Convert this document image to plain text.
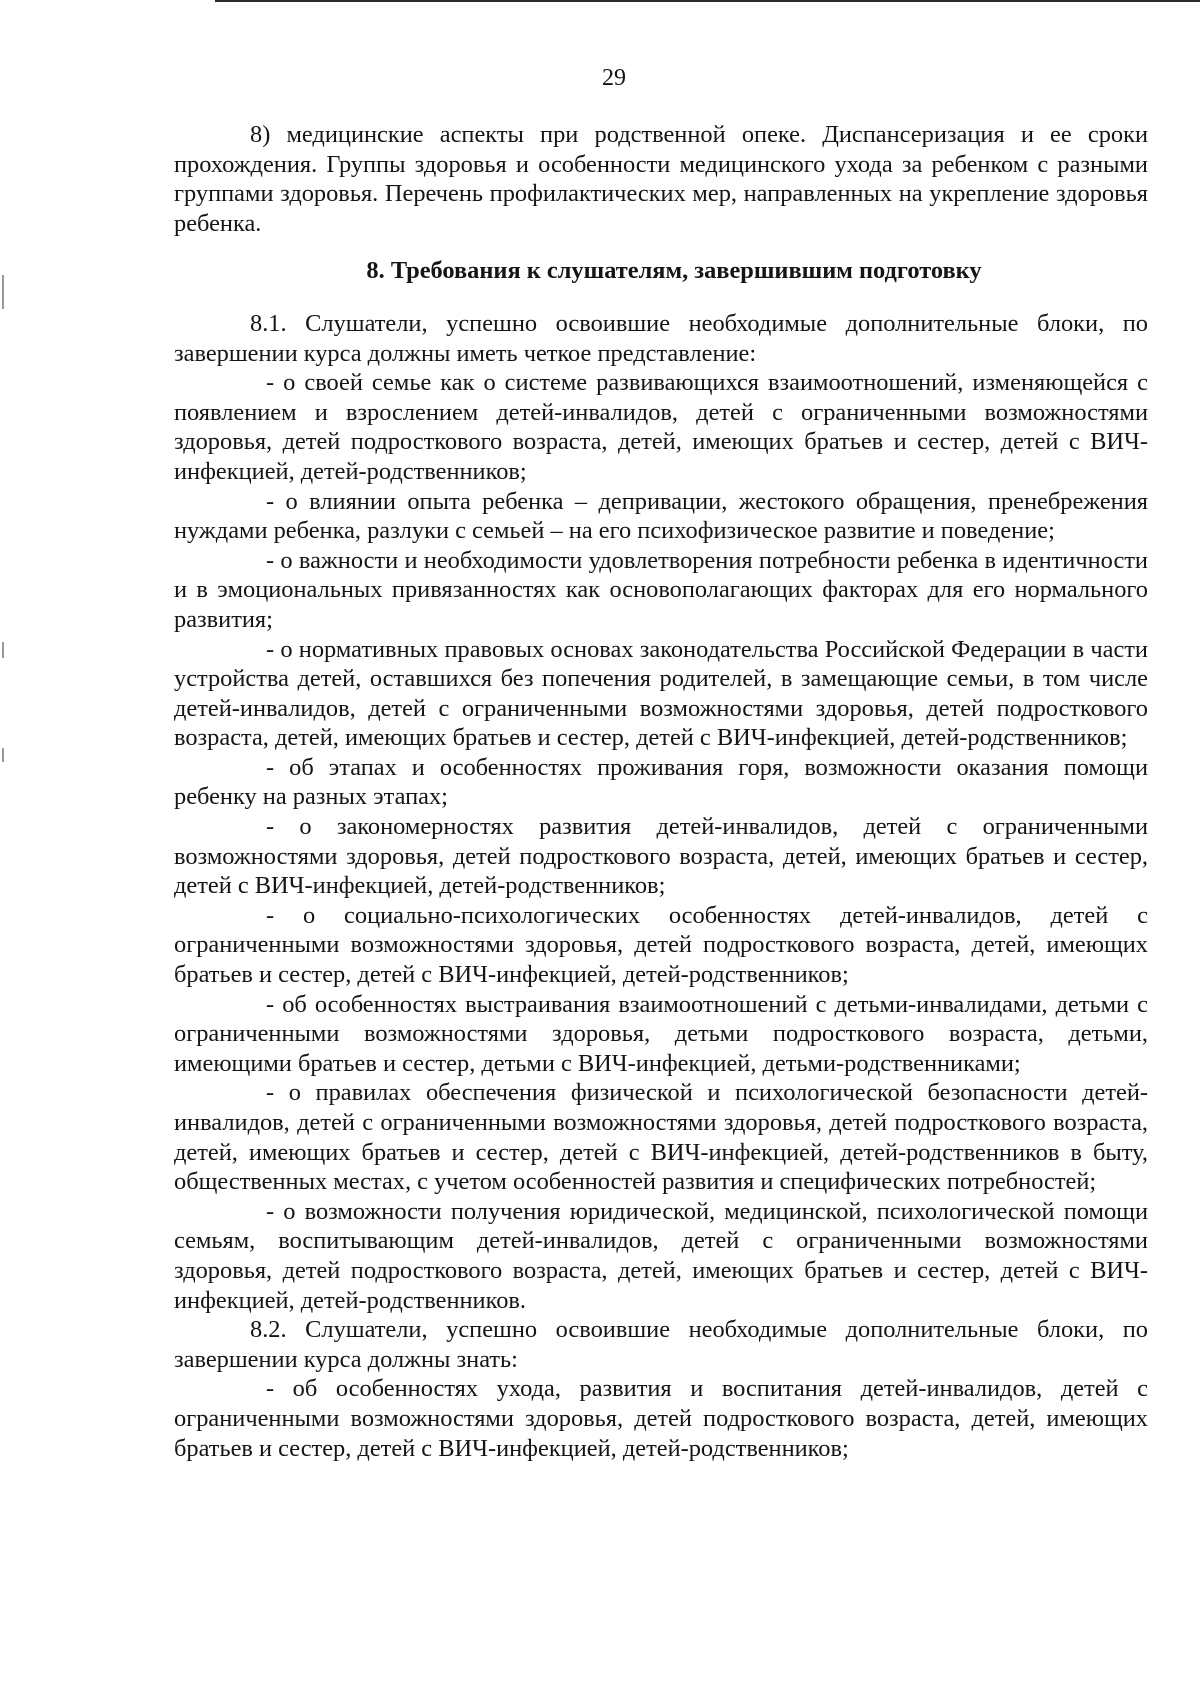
29

8) медицинские аспекты при родственной опеке. Диспансеризация и ее сроки прохождения. Группы здоровья и особенности медицинского ухода за ребенком с разными группами здоровья. Перечень профилактических мер, направленных на укрепление здоровья ребенка.

8. Требования к слушателям, завершившим подготовку

8.1. Слушатели, успешно освоившие необходимые дополнительные блоки, по завершении курса должны иметь четкое представление:

- о своей семье как о системе развивающихся взаимоотношений, изменяющейся с появлением и взрослением детей-инвалидов, детей с ограниченными возможностями здоровья, детей подросткового возраста, детей, имеющих братьев и сестер, детей с ВИЧ-инфекцией, детей-родственников;

- о влиянии опыта ребенка – депривации, жестокого обращения, пренебрежения нуждами ребенка, разлуки с семьей – на его психофизическое развитие и поведение;

- о важности и необходимости удовлетворения потребности ребенка в идентичности и в эмоциональных привязанностях как основополагающих факторах для его нормального развития;

- о нормативных правовых основах законодательства Российской Федерации в части устройства детей, оставшихся без попечения родителей, в замещающие семьи, в том числе детей-инвалидов, детей с ограниченными возможностями здоровья, детей подросткового возраста, детей, имеющих братьев и сестер, детей с ВИЧ-инфекцией, детей-родственников;

- об этапах и особенностях проживания горя, возможности оказания помощи ребенку на разных этапах;

- о закономерностях развития детей-инвалидов, детей с ограниченными возможностями здоровья, детей подросткового возраста, детей, имеющих братьев и сестер, детей с ВИЧ-инфекцией, детей-родственников;

- о социально-психологических особенностях детей-инвалидов, детей с ограниченными возможностями здоровья, детей подросткового возраста, детей, имеющих братьев и сестер, детей с ВИЧ-инфекцией, детей-родственников;

- об особенностях выстраивания взаимоотношений с детьми-инвалидами, детьми с ограниченными возможностями здоровья, детьми подросткового возраста, детьми, имеющими братьев и сестер, детьми с ВИЧ-инфекцией, детьми-родственниками;

- о правилах обеспечения физической и психологической безопасности детей-инвалидов, детей с ограниченными возможностями здоровья, детей подросткового возраста, детей, имеющих братьев и сестер, детей с ВИЧ-инфекцией, детей-родственников в быту, общественных местах, с учетом особенностей развития и специфических потребностей;

- о возможности получения юридической, медицинской, психологической помощи семьям, воспитывающим детей-инвалидов, детей с ограниченными возможностями здоровья, детей подросткового возраста, детей, имеющих братьев и сестер, детей с ВИЧ-инфекцией, детей-родственников.

8.2. Слушатели, успешно освоившие необходимые дополнительные блоки, по завершении курса должны знать:

- об особенностях ухода, развития и воспитания детей-инвалидов, детей с ограниченными возможностями здоровья, детей подросткового возраста, детей, имеющих братьев и сестер, детей с ВИЧ-инфекцией, детей-родственников;
